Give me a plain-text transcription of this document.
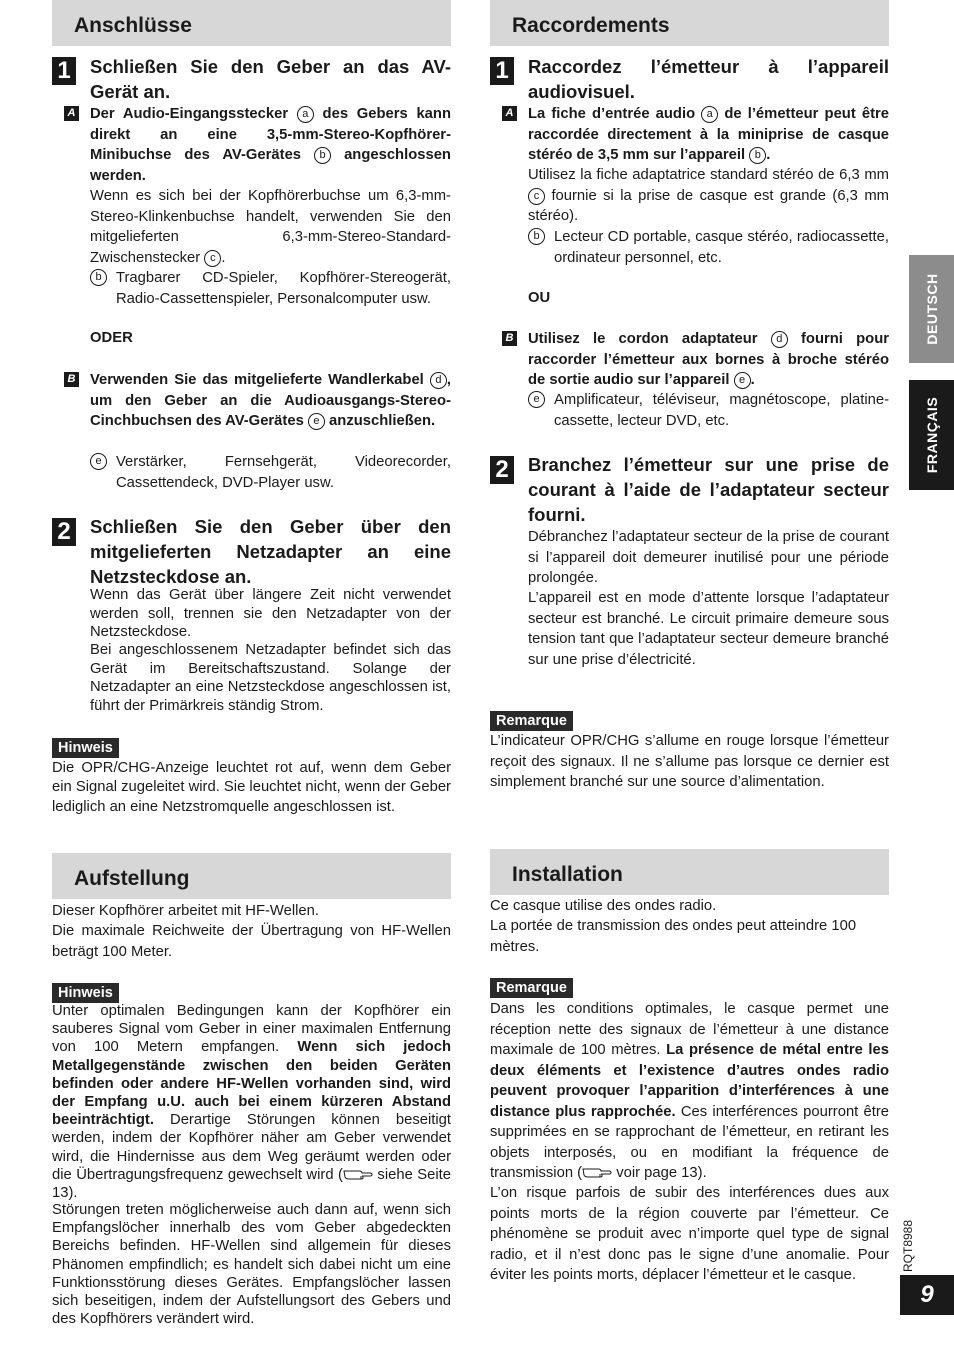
Anschlüsse
1 Schließen Sie den Geber an das AV-Gerät an.
A Der Audio-Eingangsstecker a des Gebers kann direkt an eine 3,5-mm-Stereo-Kopfhörer-Minibuchse des AV-Gerätes b angeschlossen werden.
Wenn es sich bei der Kopfhörerbuchse um 6,3-mm-Stereo-Klinkenbuchse handelt, verwenden Sie den mitgelieferten 6,3-mm-Stereo-Standard-Zwischenstecker c .
b Tragbarer CD-Spieler, Kopfhörer-Stereogerät, Radio-Cassettenspieler, Personalcomputer usw.
ODER
B Verwenden Sie das mitgelieferte Wandlerkabel d , um den Geber an die Audioausgangs-Stereo-Cinchbuchsen des AV-Gerätes e anzuschließen.
e Verstärker, Fernsehgerät, Videorecorder, Cassettendeck, DVD-Player usw.
2 Schließen Sie den Geber über den mitgelieferten Netzadapter an eine Netzsteckdose an.
Wenn das Gerät über längere Zeit nicht verwendet werden soll, trennen sie den Netzadapter von der Netzsteckdose.
Bei angeschlossenem Netzadapter befindet sich das Gerät im Bereitschaftszustand. Solange der Netzadapter an eine Netzsteckdose angeschlossen ist, führt der Primärkreis ständig Strom.
Hinweis
Die OPR/CHG-Anzeige leuchtet rot auf, wenn dem Geber ein Signal zugeleitet wird. Sie leuchtet nicht, wenn der Geber lediglich an eine Netzstromquelle angeschlossen ist.
Aufstellung
Dieser Kopfhörer arbeitet mit HF-Wellen.
Die maximale Reichweite der Übertragung von HF-Wellen beträgt 100 Meter.
Hinweis
Unter optimalen Bedingungen kann der Kopfhörer ein sauberes Signal vom Geber in einer maximalen Entfernung von 100 Metern empfangen. Wenn sich jedoch Metallgegenstände zwischen den beiden Geräten befinden oder andere HF-Wellen vorhanden sind, wird der Empfang u.U. auch bei einem kürzeren Abstand beeinträchtigt. Derartige Störungen können beseitigt werden, indem der Kopfhörer näher am Geber verwendet wird, die Hindernisse aus dem Weg geräumt werden oder die Übertragungsfrequenz gewechselt wird ( siehe Seite 13).
Störungen treten möglicherweise auch dann auf, wenn sich Empfangslöcher innerhalb des vom Geber abgedeckten Bereichs befinden. HF-Wellen sind allgemein für dieses Phänomen empfindlich; es handelt sich dabei nicht um eine Funktionsstörung dieses Gerätes. Empfangslöcher lassen sich beseitigen, indem der Aufstellungsort des Gebers und des Kopfhörers verändert wird.
Raccordements
1 Raccordez l’émetteur à l’appareil audiovisuel.
A La fiche d’entrée audio a de l’émetteur peut être raccordée directement à la miniprise de casque stéréo de 3,5 mm sur l’appareil b .
Utilisez la fiche adaptatrice standard stéréo de 6,3 mm c fournie si la prise de casque est grande (6,3 mm stéréo).
b Lecteur CD portable, casque stéréo, radiocassette, ordinateur personnel, etc.
OU
B Utilisez le cordon adaptateur d fourni pour raccorder l’émetteur aux bornes à broche stéréo de sortie audio sur l’appareil e .
e Amplificateur, téléviseur, magnétoscope, platine-cassette, lecteur DVD, etc.
2 Branchez l’émetteur sur une prise de courant à l’aide de l’adaptateur secteur fourni.
Débranchez l’adaptateur secteur de la prise de courant si l’appareil doit demeurer inutilisé pour une période prolongée.
L’appareil est en mode d’attente lorsque l’adaptateur secteur est branché. Le circuit primaire demeure sous tension tant que l’adaptateur secteur demeure branché sur une prise d’électricité.
Remarque
L’indicateur OPR/CHG s’allume en rouge lorsque l’émetteur reçoit des signaux. Il ne s’allume pas lorsque ce dernier est simplement branché sur une source d’alimentation.
Installation
Ce casque utilise des ondes radio.
La portée de transmission des ondes peut atteindre 100 mètres.
Remarque
Dans les conditions optimales, le casque permet une réception nette des signaux de l’émetteur à une distance maximale de 100 mètres. La présence de métal entre les deux éléments et l’existence d’autres ondes radio peuvent provoquer l’apparition d’interférences à une distance plus rapprochée. Ces interférences pourront être supprimées en se rapprochant de l’émetteur, en retirant les objets interposés, ou en modifiant la fréquence de transmission ( voir page 13).
L’on risque parfois de subir des interférences dues aux points morts de la région couverte par l’émetteur. Ce phénomène se produit avec n’importe quel type de signal radio, et il n’est donc pas le signe d’une anomalie. Pour éviter les points morts, déplacer l’émetteur et le casque.
DEUTSCH
FRANÇAIS
RQT8988
9
